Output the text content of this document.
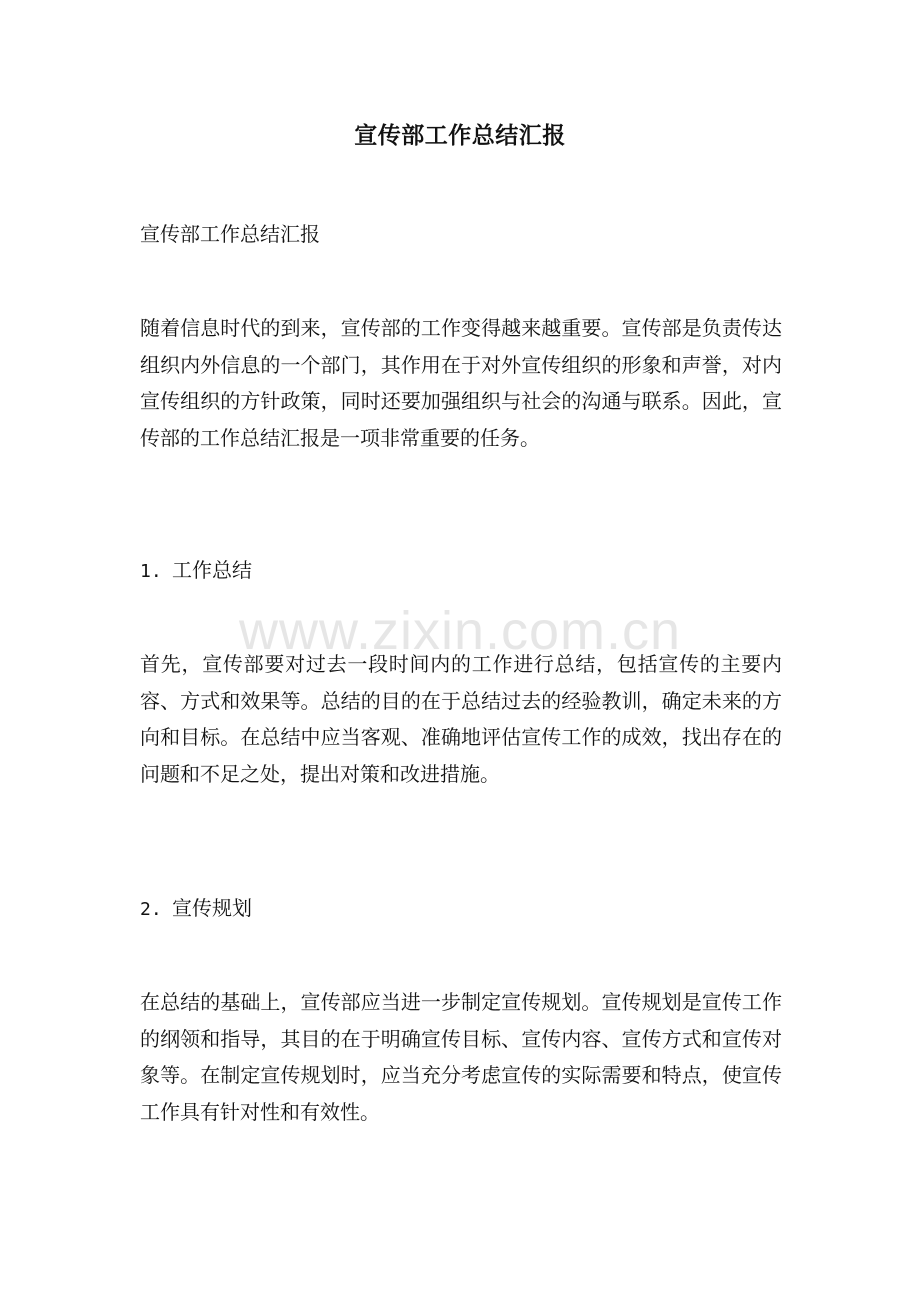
宣传部工作总结汇报
宣传部工作总结汇报
随着信息时代的到来，宣传部的工作变得越来越重要。宣传部是负责传达组织内外信息的一个部门，其作用在于对外宣传组织的形象和声誉，对内宣传组织的方针政策，同时还要加强组织与社会的沟通与联系。因此，宣传部的工作总结汇报是一项非常重要的任务。
1. 工作总结
www.zixin.com.cn
首先，宣传部要对过去一段时间内的工作进行总结，包括宣传的主要内容、方式和效果等。总结的目的在于总结过去的经验教训，确定未来的方向和目标。在总结中应当客观、准确地评估宣传工作的成效，找出存在的问题和不足之处，提出对策和改进措施。
2. 宣传规划
在总结的基础上，宣传部应当进一步制定宣传规划。宣传规划是宣传工作的纲领和指导，其目的在于明确宣传目标、宣传内容、宣传方式和宣传对象等。在制定宣传规划时，应当充分考虑宣传的实际需要和特点，使宣传工作具有针对性和有效性。
